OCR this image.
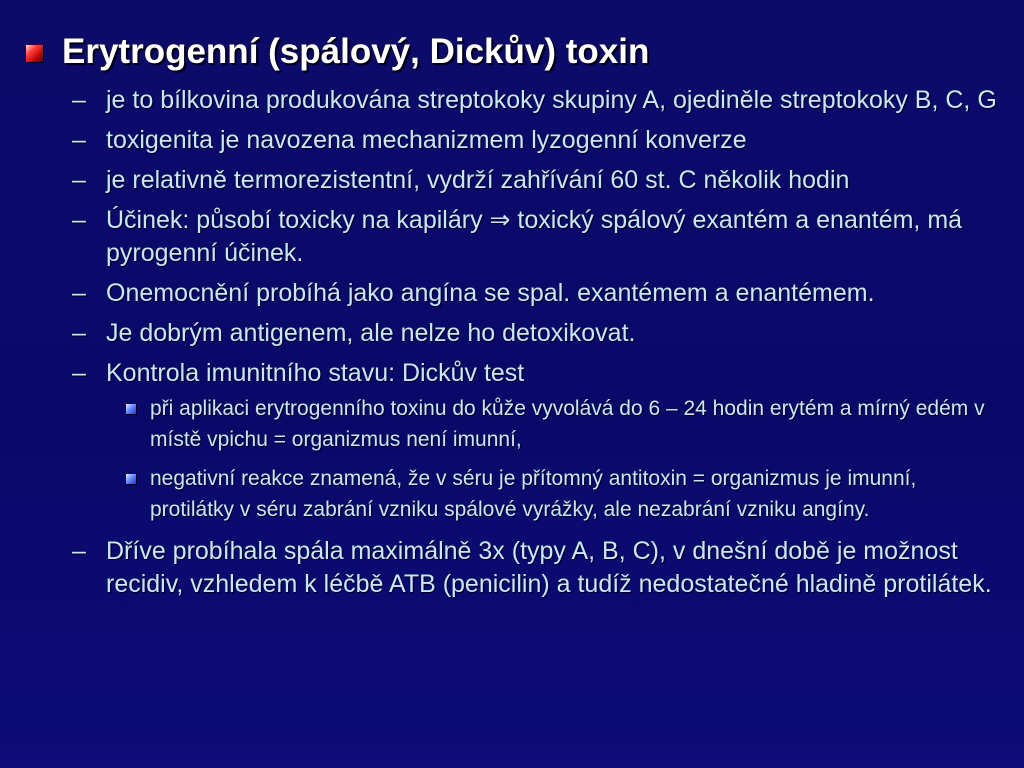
Erytrogenní (spálový, Dickův) toxin
– je to bílkovina produkována streptokoky skupiny A, ojediněle streptokoky B, C, G
– toxigenita je navozena mechanizmem lyzogenní konverze
– je relativně termorezistentní, vydrží zahřívání 60 st. C několik hodin
– Účinek: působí toxicky na kapiláry ⇒ toxický spálový exantém a enantém, má pyrogenní účinek.
– Onemocnění probíhá jako angína se spal. exantémem a enantémem.
– Je dobrým antigenem, ale nelze ho detoxikovat.
– Kontrola imunitního stavu: Dickův test
při aplikaci erytrogenního toxinu do kůže vyvolává do 6 – 24 hodin erytém a mírný edém v místě vpichu = organizmus není imunní,
negativní reakce znamená, že v séru je přítomný antitoxin = organizmus je imunní, protilátky v séru zabrání vzniku spálové vyrážky, ale nezabrání vzniku angíny.
– Dříve probíhala spála maximálně 3x (typy A, B, C), v dnešní době je možnost recidiv, vzhledem k léčbě ATB (penicilin) a tudíž nedostatečné hladině protilátek.
